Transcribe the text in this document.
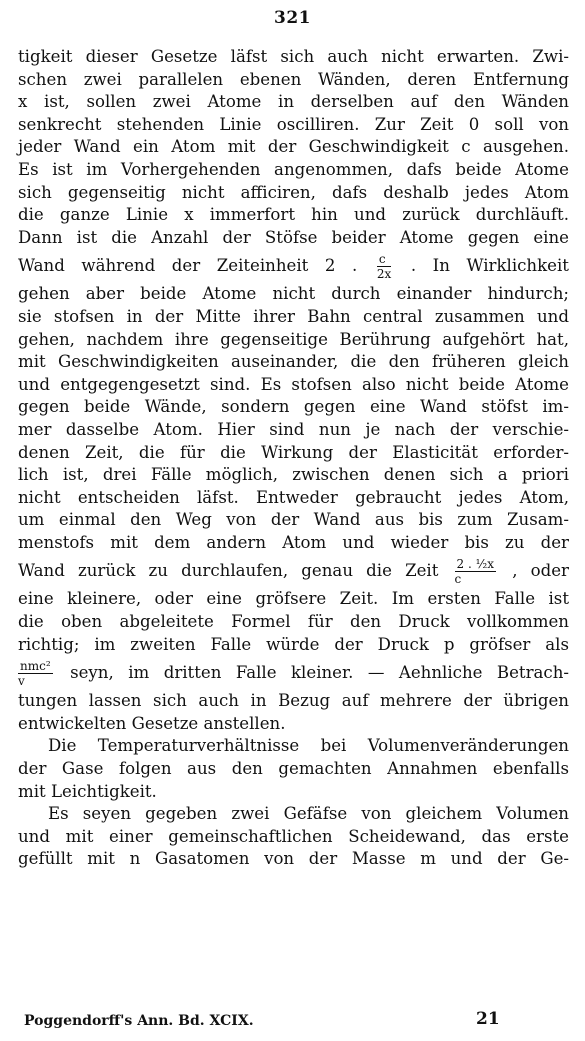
321
tigkeit dieser Gesetze läfst sich auch nicht erwarten. Zwi-
schen zwei parallelen ebenen Wänden, deren Entfernung
x ist, sollen zwei Atome in derselben auf den Wänden
senkrecht stehenden Linie oscilliren. Zur Zeit 0 soll von
jeder Wand ein Atom mit der Geschwindigkeit c ausgehen.
Es ist im Vorhergehenden angenommen, dafs beide Atome
sich gegenseitig nicht afficiren, dafs deshalb jedes Atom
die ganze Linie x immerfort hin und zurück durchläuft.
Dann ist die Anzahl der Stöfse beider Atome gegen eine
Wand während der Zeiteinheit 2 . $\frac{c}{2x}$ . In Wirklichkeit
gehen aber beide Atome nicht durch einander hindurch;
sie stofsen in der Mitte ihrer Bahn central zusammen und
gehen, nachdem ihre gegenseitige Berührung aufgehört hat,
mit Geschwindigkeiten auseinander, die den früheren gleich
und entgegengesetzt sind. Es stofsen also nicht beide Atome
gegen beide Wände, sondern gegen eine Wand stöfst im-
mer dasselbe Atom. Hier sind nun je nach der verschie-
denen Zeit, die für die Wirkung der Elasticität erforder-
lich ist, drei Fälle möglich, zwischen denen sich a priori
nicht entscheiden läfst. Entweder gebraucht jedes Atom,
um einmal den Weg von der Wand aus bis zum Zusam-
menstofs mit dem andern Atom und wieder bis zu der
Wand zurück zu durchlaufen, genau die Zeit $\frac{\text{2 . ½x}}{c}$ , oder
eine kleinere, oder eine gröfsere Zeit. Im ersten Falle ist
die oben abgeleitete Formel für den Druck vollkommen
richtig; im zweiten Falle würde der Druck p gröfser als
$\frac{\text{nmc²}}{v}$ seyn, im dritten Falle kleiner. — Aehnliche Betrach-
tungen lassen sich auch in Bezug auf mehrere der übrigen
entwickelten Gesetze anstellen.
Die Temperaturverhältnisse bei Volumenveränderungen
der Gase folgen aus den gemachten Annahmen ebenfalls
mit Leichtigkeit.
Es seyen gegeben zwei Gefäfse von gleichem Volumen
und mit einer gemeinschaftlichen Scheidewand, das erste
gefüllt mit n Gasatomen von der Masse m und der Ge-
Poggendorff's Ann. Bd. XCIX.	21
